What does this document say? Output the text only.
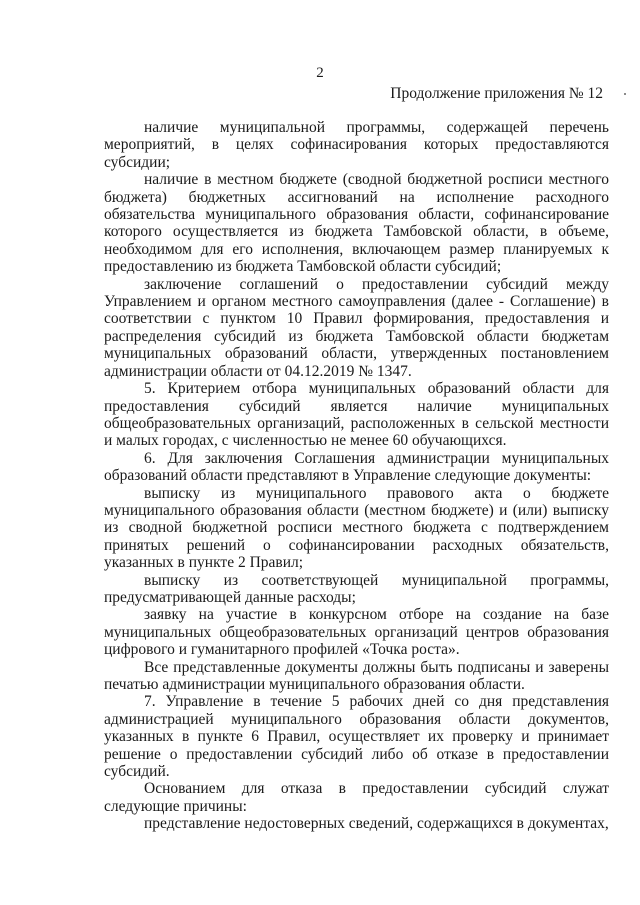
2
Продолжение приложения № 12

наличие муниципальной программы, содержащей перечень мероприятий, в целях софинасирования которых предоставляются субсидии;

наличие в местном бюджете (сводной бюджетной росписи местного бюджета) бюджетных ассигнований на исполнение расходного обязательства муниципального образования области, софинансирование которого осуществляется из бюджета Тамбовской области, в объеме, необходимом для его исполнения, включающем размер планируемых к предоставлению из бюджета Тамбовской области субсидий;

заключение соглашений о предоставлении субсидий между Управлением и органом местного самоуправления (далее - Соглашение) в соответствии с пунктом 10 Правил формирования, предоставления и распределения субсидий из бюджета Тамбовской области бюджетам муниципальных образований области, утвержденных постановлением администрации области от 04.12.2019 № 1347.

5. Критерием отбора муниципальных образований области для предоставления субсидий является наличие муниципальных общеобразовательных организаций, расположенных в сельской местности и малых городах, с численностью не менее 60 обучающихся.

6. Для заключения Соглашения администрации муниципальных образований области представляют в Управление следующие документы:

выписку из муниципального правового акта о бюджете муниципального образования области (местном бюджете) и (или) выписку из сводной бюджетной росписи местного бюджета с подтверждением принятых решений о софинансировании расходных обязательств, указанных в пункте 2 Правил;

выписку из соответствующей муниципальной программы, предусматривающей данные расходы;

заявку на участие в конкурсном отборе на создание на базе муниципальных общеобразовательных организаций центров образования цифрового и гуманитарного профилей «Точка роста».

Все представленные документы должны быть подписаны и заверены печатью администрации муниципального образования области.

7. Управление в течение 5 рабочих дней со дня представления администрацией муниципального образования области документов, указанных в пункте 6 Правил, осуществляет их проверку и принимает решение о предоставлении субсидий либо об отказе в предоставлении субсидий.

Основанием для отказа в предоставлении субсидий служат следующие причины:

представление недостоверных сведений, содержащихся в документах,
